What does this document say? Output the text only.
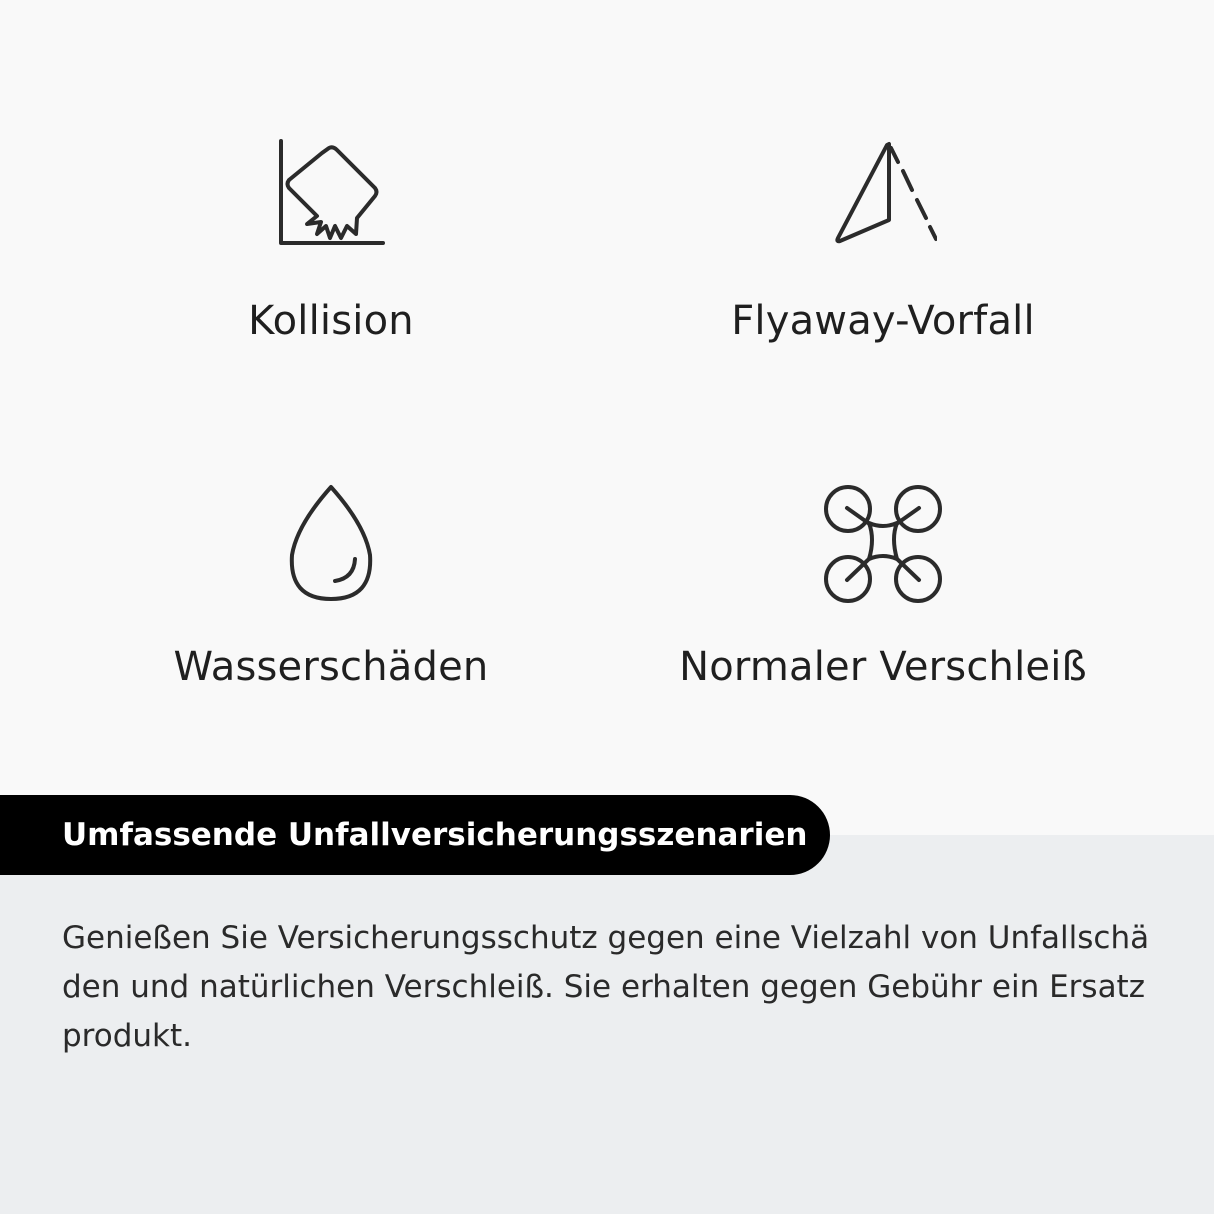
Kollision	Flyaway-Vorfall
Wasserschäden	Normaler Verschleiß
Umfassende Unfallversicherungsszenarien

Genießen Sie Versicherungsschutz gegen eine Vielzahl von Unfallschäden und natürlichen Verschleiß. Sie erhalten gegen Gebühr ein Ersatzprodukt.
